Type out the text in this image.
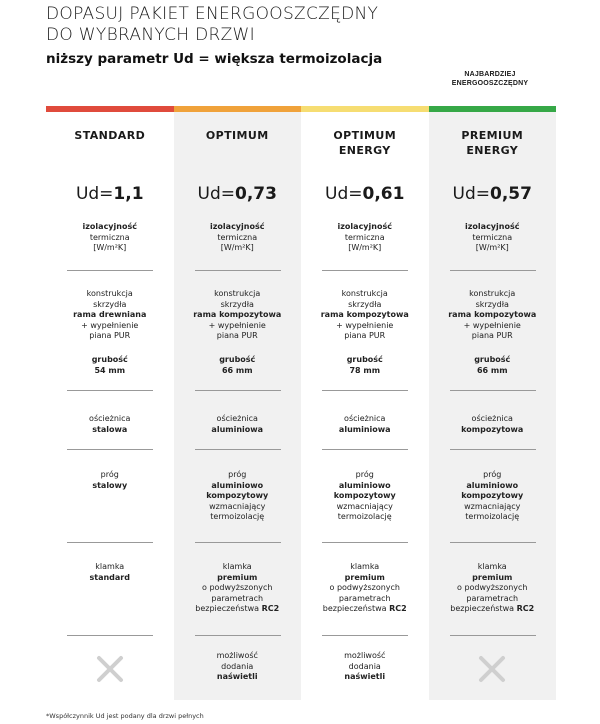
DOPASUJ PAKIET ENERGOOSZCZĘDNY
DO WYBRANYCH DRZWI
niższy parametr Ud = większa termoizolacja
NAJBARDZIEJ
ENERGOOSZCZĘDNY
STANDARD
Ud=1,1
izolacyjność
termiczna
[W/m²K]
konstrukcja
skrzydła
rama drewniana
+ wypełnienie
piana PUR
grubość
54 mm
ościeżnica
stalowa
próg
stalowy
klamka
standard
OPTIMUM
Ud=0,73
izolacyjność
termiczna
[W/m²K]
konstrukcja
skrzydła
rama kompozytowa
+ wypełnienie
piana PUR
grubość
66 mm
ościeżnica
aluminiowa
próg
aluminiowo
kompozytowy
wzmacniający
termoizolację
klamka
premium
o podwyższonych
parametrach
bezpieczeństwa RC2
możliwość
dodania
naświetli
OPTIMUM
ENERGY
Ud=0,61
izolacyjność
termiczna
[W/m²K]
konstrukcja
skrzydła
rama kompozytowa
+ wypełnienie
piana PUR
grubość
78 mm
ościeżnica
aluminiowa
próg
aluminiowo
kompozytowy
wzmacniający
termoizolację
klamka
premium
o podwyższonych
parametrach
bezpieczeństwa RC2
możliwość
dodania
naświetli
PREMIUM
ENERGY
Ud=0,57
izolacyjność
termiczna
[W/m²K]
konstrukcja
skrzydła
rama kompozytowa
+ wypełnienie
piana PUR
grubość
66 mm
ościeżnica
kompozytowa
próg
aluminiowo
kompozytowy
wzmacniający
termoizolację
klamka
premium
o podwyższonych
parametrach
bezpieczeństwa RC2
*Współczynnik Ud jest podany dla drzwi pełnych
